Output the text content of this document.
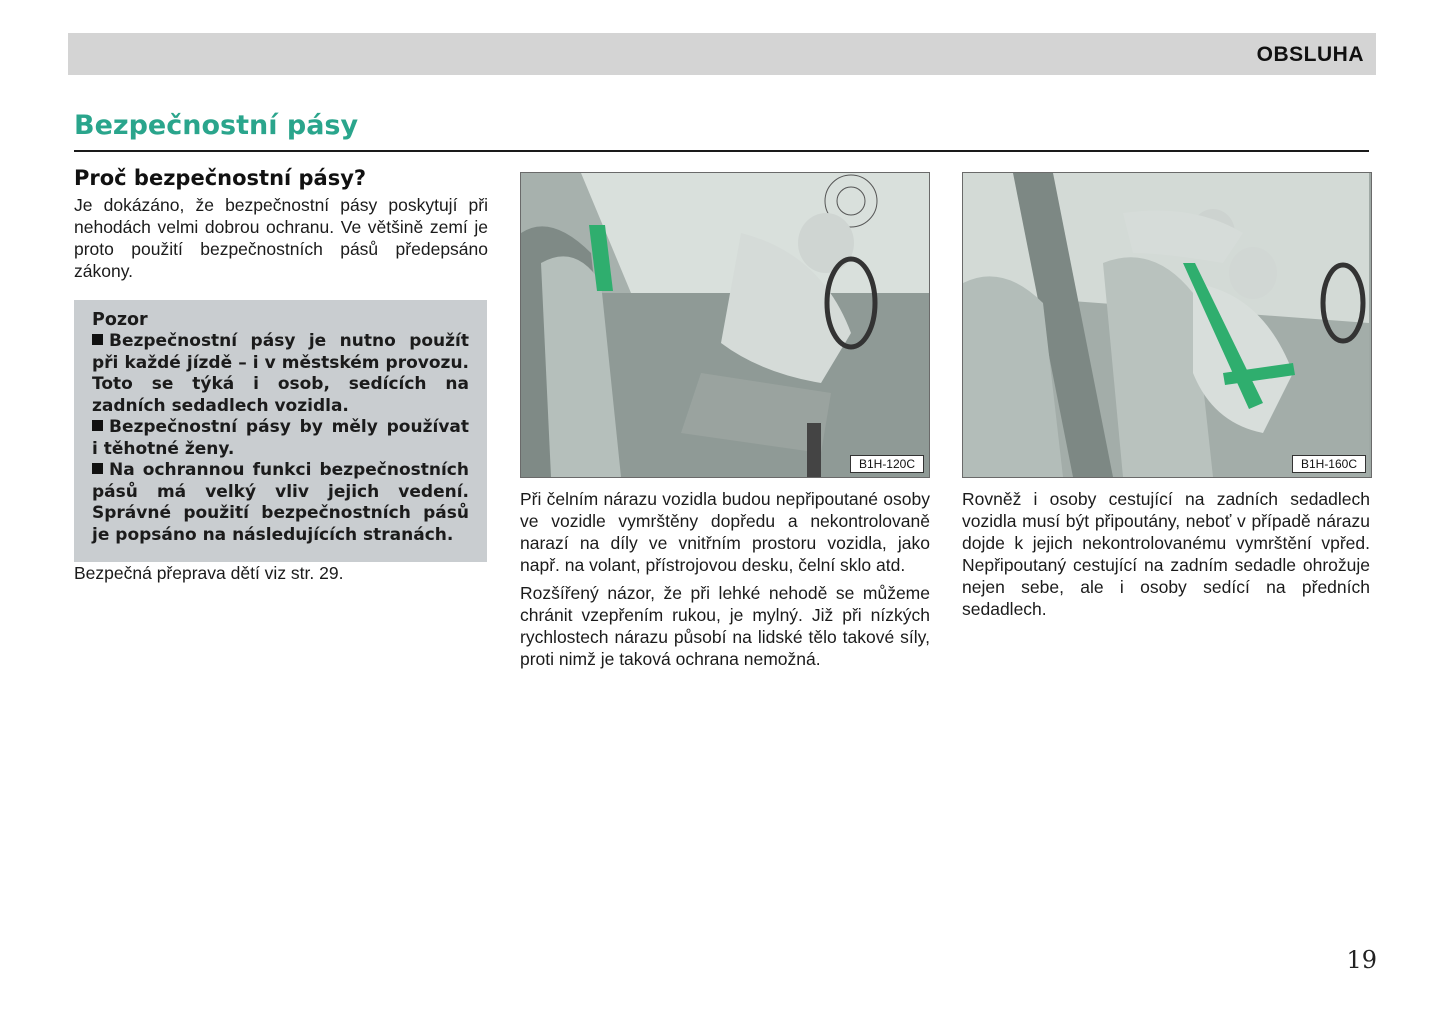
OBSLUHA
Bezpečnostní pásy
Proč bezpečnostní pásy?

Je dokázáno, že bezpečnostní pásy poskytují při nehodách velmi dobrou ochranu. Ve většině zemí je proto použití bezpečnostních pásů předepsáno zákony.

Pozor

Bezpečnostní pásy je nutno použít při každé jízdě – i v městském provozu. Toto se týká i osob, sedících na zadních sedadlech vozidla.

Bezpečnostní pásy by měly používat i těhotné ženy.

Na ochrannou funkci bezpečnostních pásů má velký vliv jejich vedení. Správné použití bezpečnostních pásů je popsáno na následujících stranách.

Bezpečná přeprava dětí viz str. 29.

B1H-120C

Při čelním nárazu vozidla budou nepřipoutané osoby ve vozidle vymrštěny dopředu a nekontrolovaně narazí na díly ve vnitřním prostoru vozidla, jako např. na volant, přístrojovou desku, čelní sklo atd.

Rozšířený názor, že při lehké nehodě se můžeme chránit vzepřením rukou, je mylný. Již při nízkých rychlostech nárazu působí na lidské tělo takové síly, proti nimž je taková ochrana nemožná.

B1H-160C

Rovněž i osoby cestující na zadních sedadlech vozidla musí být připoutány, neboť v případě nárazu dojde k jejich nekontrolovanému vymrštění vpřed. Nepřipoutaný cestující na zadním sedadle ohrožuje nejen sebe, ale i osoby sedící na předních sedadlech.

19
